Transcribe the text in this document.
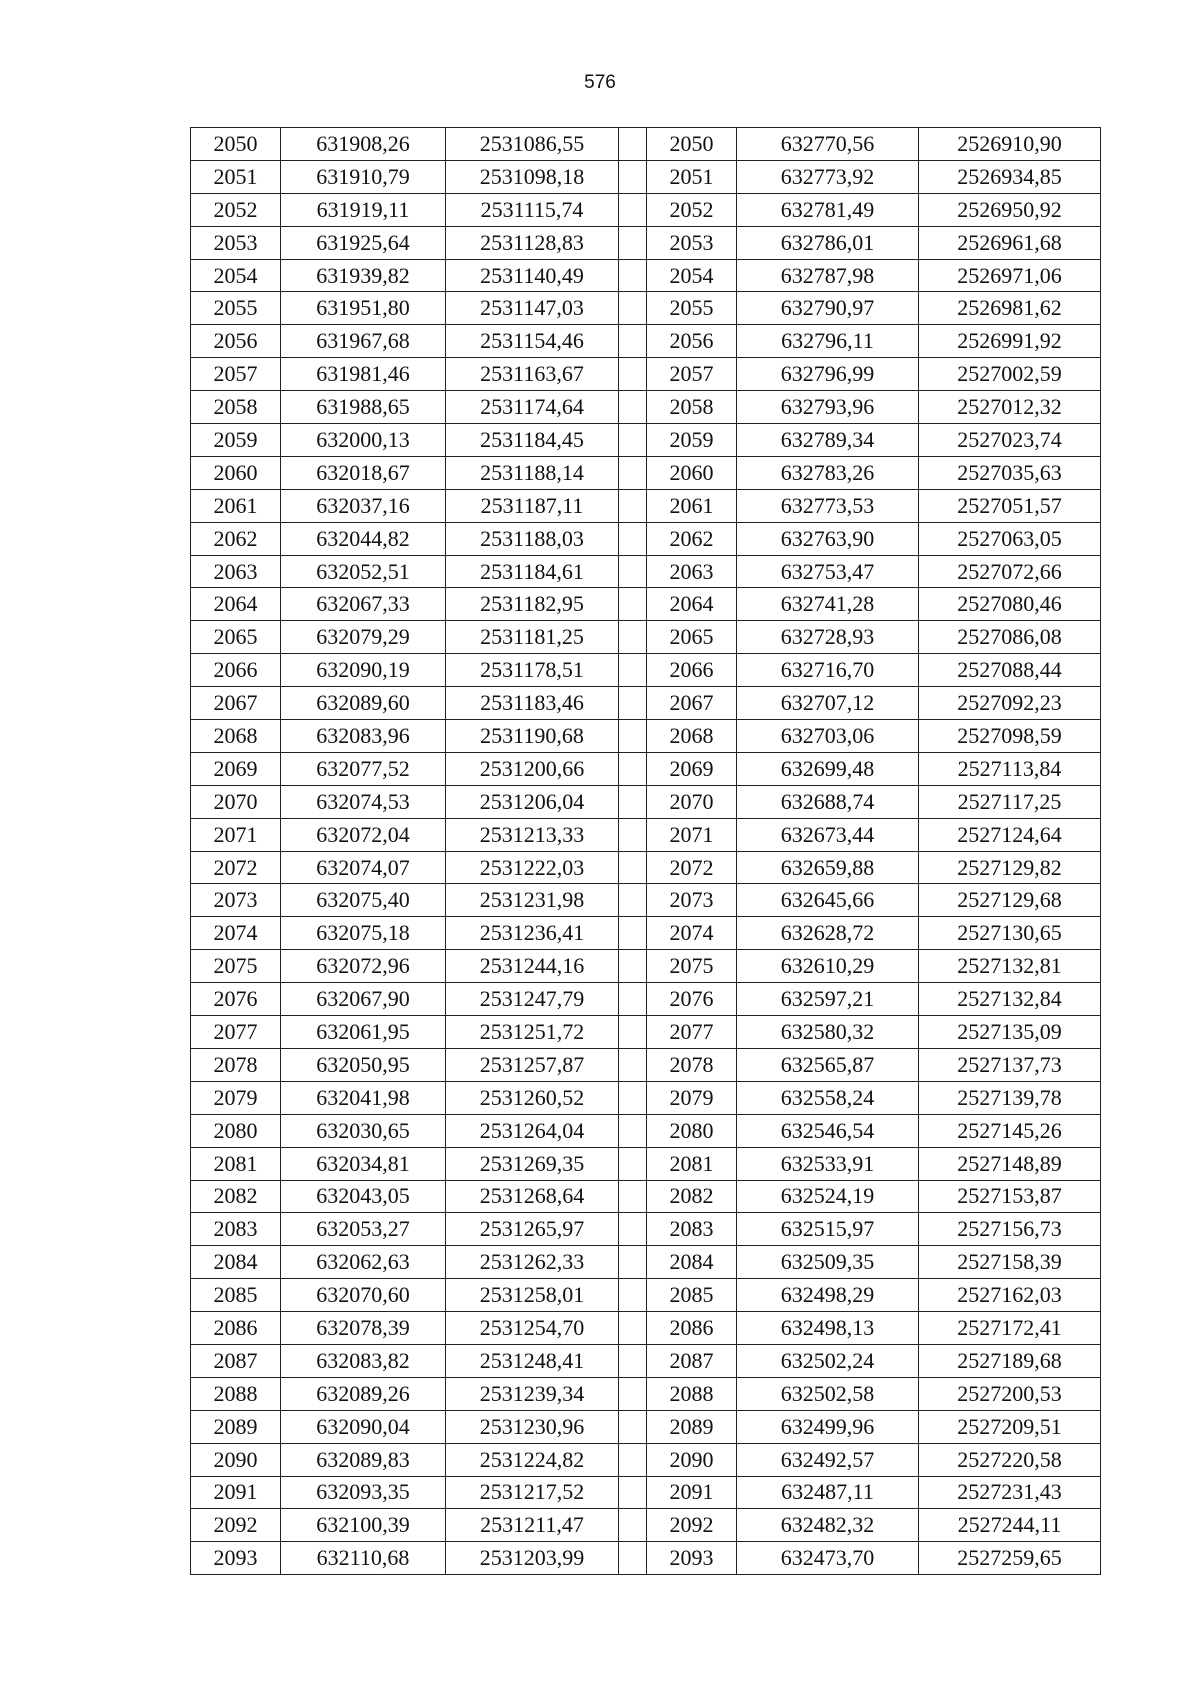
576
2050	631908,26	2531086,55		2050	632770,56	2526910,90
2051	631910,79	2531098,18		2051	632773,92	2526934,85
2052	631919,11	2531115,74		2052	632781,49	2526950,92
2053	631925,64	2531128,83		2053	632786,01	2526961,68
2054	631939,82	2531140,49		2054	632787,98	2526971,06
2055	631951,80	2531147,03		2055	632790,97	2526981,62
2056	631967,68	2531154,46		2056	632796,11	2526991,92
2057	631981,46	2531163,67		2057	632796,99	2527002,59
2058	631988,65	2531174,64		2058	632793,96	2527012,32
2059	632000,13	2531184,45		2059	632789,34	2527023,74
2060	632018,67	2531188,14		2060	632783,26	2527035,63
2061	632037,16	2531187,11		2061	632773,53	2527051,57
2062	632044,82	2531188,03		2062	632763,90	2527063,05
2063	632052,51	2531184,61		2063	632753,47	2527072,66
2064	632067,33	2531182,95		2064	632741,28	2527080,46
2065	632079,29	2531181,25		2065	632728,93	2527086,08
2066	632090,19	2531178,51		2066	632716,70	2527088,44
2067	632089,60	2531183,46		2067	632707,12	2527092,23
2068	632083,96	2531190,68		2068	632703,06	2527098,59
2069	632077,52	2531200,66		2069	632699,48	2527113,84
2070	632074,53	2531206,04		2070	632688,74	2527117,25
2071	632072,04	2531213,33		2071	632673,44	2527124,64
2072	632074,07	2531222,03		2072	632659,88	2527129,82
2073	632075,40	2531231,98		2073	632645,66	2527129,68
2074	632075,18	2531236,41		2074	632628,72	2527130,65
2075	632072,96	2531244,16		2075	632610,29	2527132,81
2076	632067,90	2531247,79		2076	632597,21	2527132,84
2077	632061,95	2531251,72		2077	632580,32	2527135,09
2078	632050,95	2531257,87		2078	632565,87	2527137,73
2079	632041,98	2531260,52		2079	632558,24	2527139,78
2080	632030,65	2531264,04		2080	632546,54	2527145,26
2081	632034,81	2531269,35		2081	632533,91	2527148,89
2082	632043,05	2531268,64		2082	632524,19	2527153,87
2083	632053,27	2531265,97		2083	632515,97	2527156,73
2084	632062,63	2531262,33		2084	632509,35	2527158,39
2085	632070,60	2531258,01		2085	632498,29	2527162,03
2086	632078,39	2531254,70		2086	632498,13	2527172,41
2087	632083,82	2531248,41		2087	632502,24	2527189,68
2088	632089,26	2531239,34		2088	632502,58	2527200,53
2089	632090,04	2531230,96		2089	632499,96	2527209,51
2090	632089,83	2531224,82		2090	632492,57	2527220,58
2091	632093,35	2531217,52		2091	632487,11	2527231,43
2092	632100,39	2531211,47		2092	632482,32	2527244,11
2093	632110,68	2531203,99		2093	632473,70	2527259,65
